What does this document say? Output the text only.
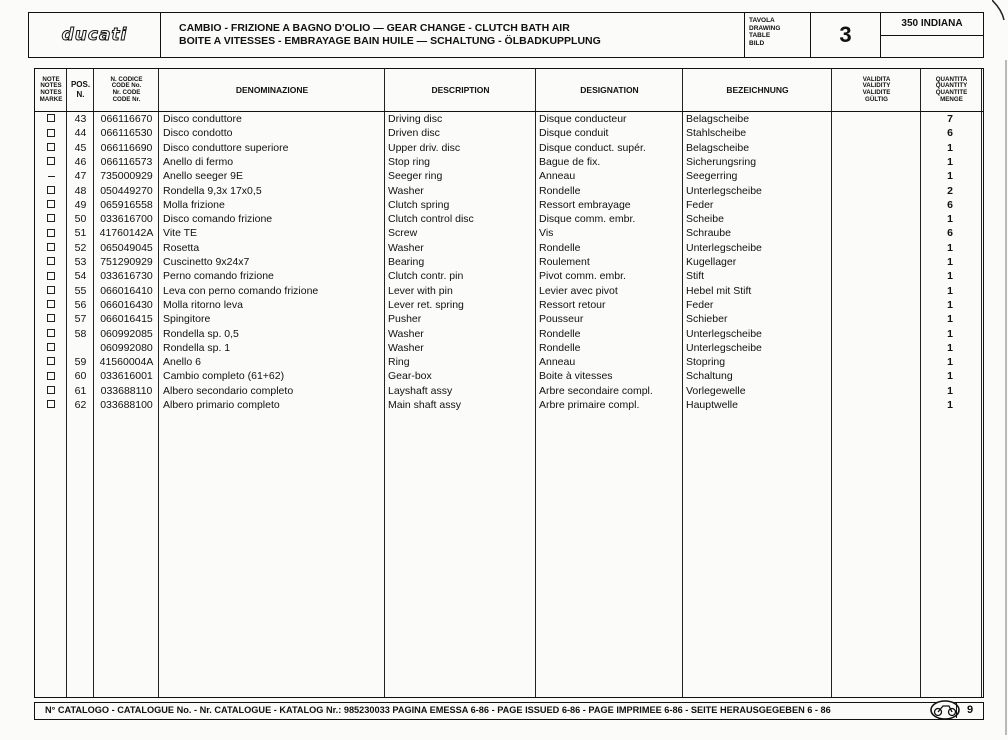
ducati	CAMBIO - FRIZIONE A BAGNO D'OLIO — GEAR CHANGE - CLUTCH BATH AIR
BOITE A VITESSES - EMBRAYAGE BAIN HUILE — SCHALTUNG - ÖLBADKUPPLUNG
TAVOLA
DRAWING
TABLE
BILD	3	350 INDIANA
NOTE
NOTES
NOTES
MARKE
POS.
N.
N. CODICE
CODE No.
Nr. CODE
CODE Nr.
DENOMINAZIONE	DESCRIPTION	DESIGNATION	BEZEICHNUNG
VALIDITA
VALIDITY
VALIDITE
GÜLTIG
QUANTITA
QUANTITY
QUANTITE
MENGE
43	066116670	Disco conduttore	Driving disc	Disque conducteur	Belagscheibe	7
44	066116530	Disco condotto	Driven disc	Disque conduit	Stahlscheibe	6
45	066116690	Disco conduttore superiore	Upper driv. disc	Disque conduct. supér.	Belagscheibe	1
46	066116573	Anello di fermo	Stop ring	Bague de fix.	Sicherungsring	1
47	735000929 Anello seeger 9E	Seeger ring	Anneau	Seegerring	1
48	050449270 Rondella 9,3x 17x0,5	Washer	Rondelle	Unterlegscheibe	2
49	065916558 Molla frizione	Clutch spring	Ressort embrayage	Feder	6
50	033616700 Disco comando frizione	Clutch control disc	Disque comm. embr.	Scheibe	1
51	41760142A Vite TE	Screw	Vis	Schraube	6
52	065049045 Rosetta	Washer	Rondelle	Unterlegscheibe	1
53	751290929 Cuscinetto 9x24x7	Bearing	Roulement	Kugellager	1
54	033616730 Perno comando frizione	Clutch contr. pin	Pivot comm. embr.	Stift	1
55	066016410 Leva con perno comando frizione	Lever with pin	Levier avec pivot	Hebel mit Stift	1
56	066016430 Molla ritorno leva	Lever ret. spring	Ressort retour	Feder	1
57	066016415 Spingitore	Pusher	Pousseur	Schieber	1
58	060992085 Rondella sp. 0,5	Washer	Rondelle	Unterlegscheibe	1
060992080 Rondella sp. 1	Washer	Rondelle	Unterlegscheibe	1
59	41560004A Anello 6	Ring	Anneau	Stopring	1
60	033616001 Cambio completo (61+62)	Gear-box	Boite à vitesses	Schaltung	1
61	033688110	Albero secondario completo	Layshaft assy	Arbre secondaire compl.	Vorlegewelle	1
62	033688100 Albero primario completo	Main shaft assy	Arbre primaire compl.	Hauptwelle	1
N° CATALOGO - CATALOGUE No. - Nr. CATALOGUE - KATALOG Nr.: 985230033 PAGINA EMESSA 6-86 - PAGE ISSUED 6-86 - PAGE IMPRIMEE 6-86 - SEITE HERAUSGEGEBEN 6 - 86	9
